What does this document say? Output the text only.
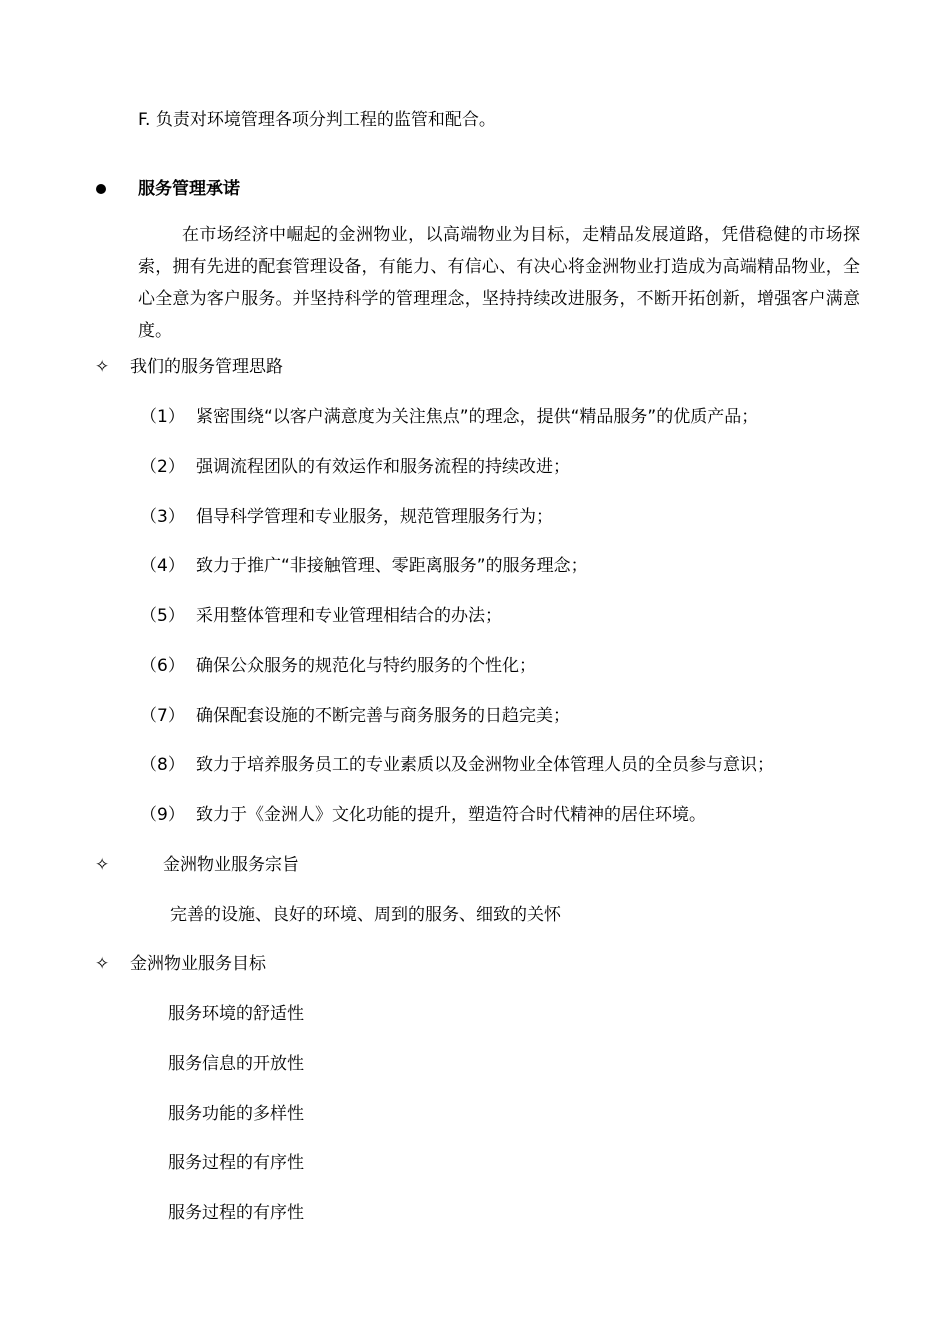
F. 负责对环境管理各项分判工程的监管和配合。
服务管理承诺
在市场经济中崛起的金洲物业，以高端物业为目标，走精品发展道路，凭借稳健的市场探索，拥有先进的配套管理设备，有能力、有信心、有决心将金洲物业打造成为高端精品物业，全心全意为客户服务。并坚持科学的管理理念，坚持持续改进服务，不断开拓创新，增强客户满意度。
✧ 我们的服务管理思路
（1） 紧密围绕“以客户满意度为关注焦点”的理念，提供“精品服务”的优质产品；
（2） 强调流程团队的有效运作和服务流程的持续改进；
（3） 倡导科学管理和专业服务，规范管理服务行为；
（4） 致力于推广“非接触管理、零距离服务”的服务理念；
（5） 采用整体管理和专业管理相结合的办法；
（6） 确保公众服务的规范化与特约服务的个性化；
（7） 确保配套设施的不断完善与商务服务的日趋完美；
（8） 致力于培养服务员工的专业素质以及金洲物业全体管理人员的全员参与意识；
（9） 致力于《金洲人》文化功能的提升，塑造符合时代精神的居住环境。
✧	金洲物业服务宗旨
完善的设施、良好的环境、周到的服务、细致的关怀
✧ 金洲物业服务目标
服务环境的舒适性
服务信息的开放性
服务功能的多样性
服务过程的有序性
服务过程的有序性
